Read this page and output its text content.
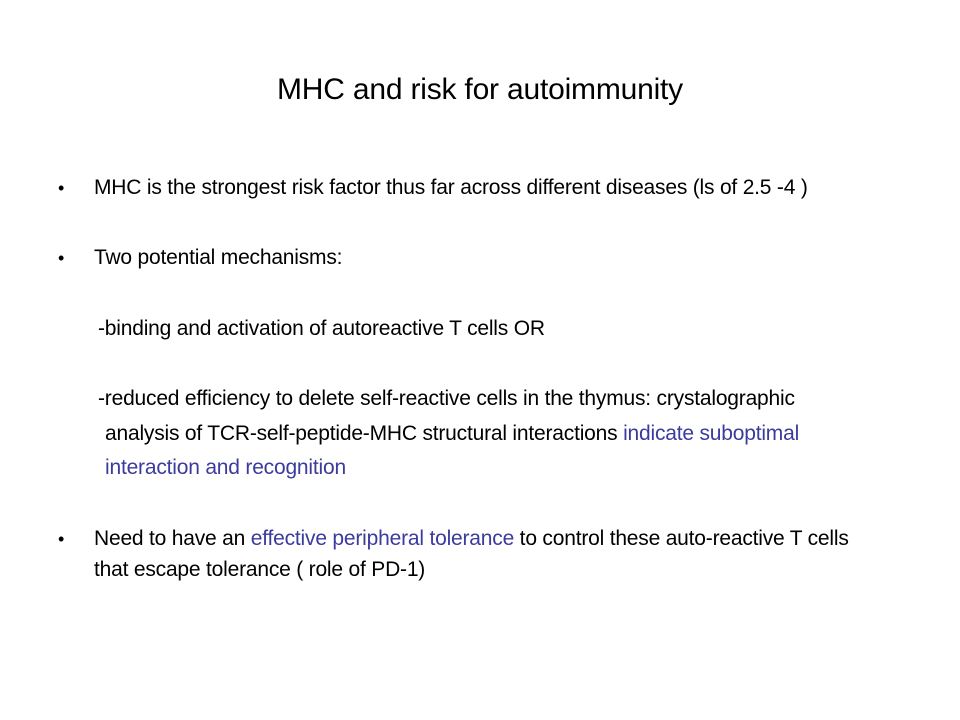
MHC and risk for autoimmunity
• MHC is the strongest risk factor thus far across different diseases (ls of 2.5 -4 )
• Two potential mechanisms:
-binding and activation of autoreactive T cells OR
-reduced efficiency to delete self-reactive cells in the thymus: crystalographic
analysis of TCR-self-peptide-MHC structural interactions indicate suboptimal
interaction and recognition
• Need to have an effective peripheral tolerance to control these auto-reactive T cells
that escape tolerance ( role of PD-1)
